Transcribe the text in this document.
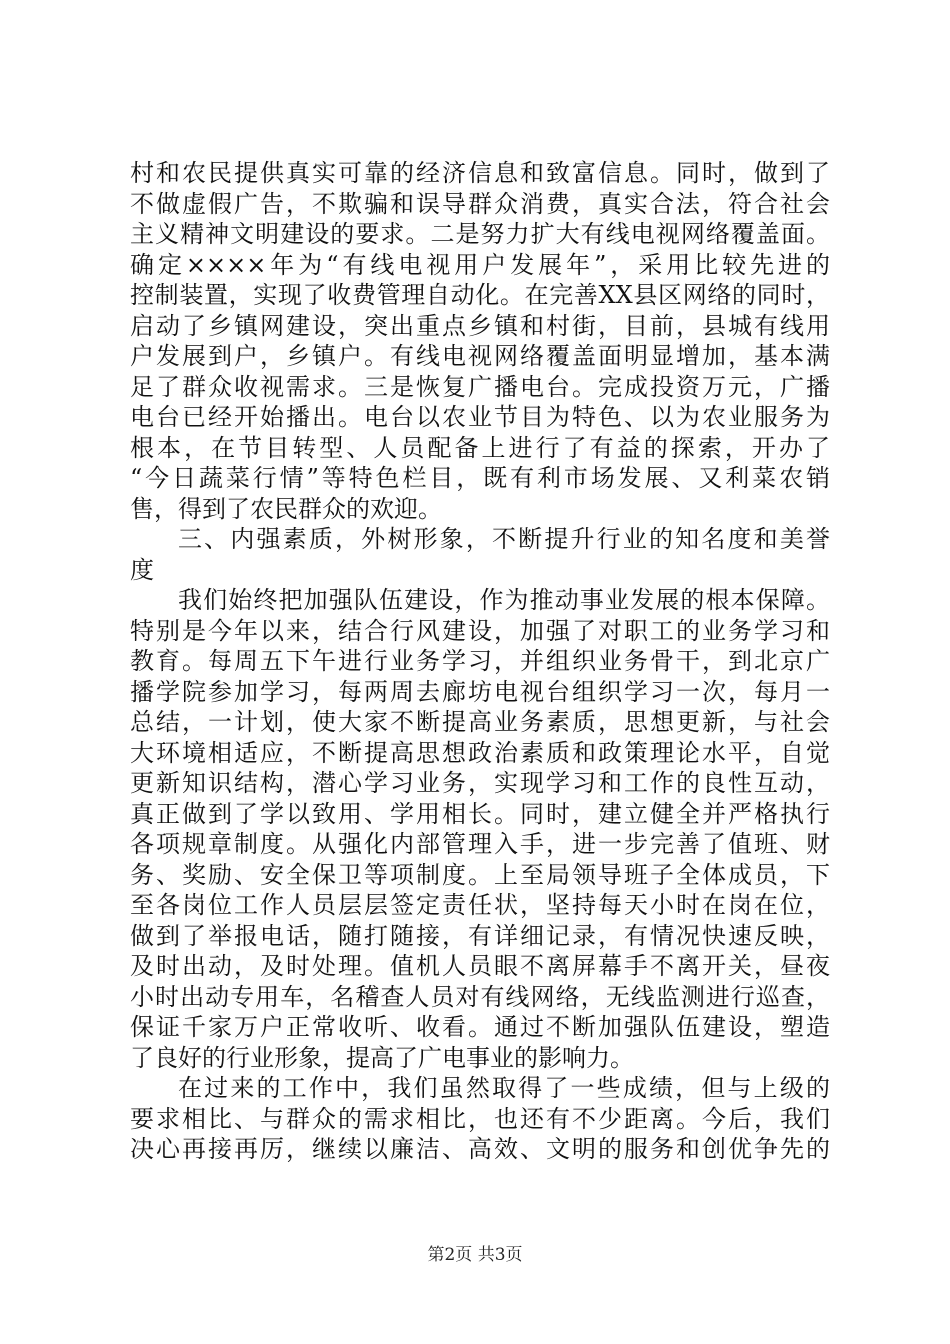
村和农民提供真实可靠的经济信息和致富信息。同时，做到了
不做虚假广告，不欺骗和误导群众消费，真实合法，符合社会
主义精神文明建设的要求。二是努力扩大有线电视网络覆盖面。
确定××××年为“有线电视用户发展年”，采用比较先进的
控制装置，实现了收费管理自动化。在完善XX县区网络的同时，
启动了乡镇网建设，突出重点乡镇和村街，目前，县城有线用
户发展到户，乡镇户。有线电视网络覆盖面明显增加，基本满
足了群众收视需求。三是恢复广播电台。完成投资万元，广播
电台已经开始播出。电台以农业节目为特色、以为农业服务为
根本，在节目转型、人员配备上进行了有益的探索，开办了
“今日蔬菜行情”等特色栏目，既有利市场发展、又利菜农销
售，得到了农民群众的欢迎。
三、内强素质，外树形象，不断提升行业的知名度和美誉
度
我们始终把加强队伍建设，作为推动事业发展的根本保障。
特别是今年以来，结合行风建设，加强了对职工的业务学习和
教育。每周五下午进行业务学习，并组织业务骨干，到北京广
播学院参加学习，每两周去廊坊电视台组织学习一次，每月一
总结，一计划，使大家不断提高业务素质，思想更新，与社会
大环境相适应，不断提高思想政治素质和政策理论水平，自觉
更新知识结构，潜心学习业务，实现学习和工作的良性互动，
真正做到了学以致用、学用相长。同时，建立健全并严格执行
各项规章制度。从强化内部管理入手，进一步完善了值班、财
务、奖励、安全保卫等项制度。上至局领导班子全体成员，下
至各岗位工作人员层层签定责任状，坚持每天小时在岗在位，
做到了举报电话，随打随接，有详细记录，有情况快速反映，
及时出动，及时处理。值机人员眼不离屏幕手不离开关，昼夜
小时出动专用车，名稽查人员对有线网络，无线监测进行巡查，
保证千家万户正常收听、收看。通过不断加强队伍建设，塑造
了良好的行业形象，提高了广电事业的影响力。
在过来的工作中，我们虽然取得了一些成绩，但与上级的
要求相比、与群众的需求相比，也还有不少距离。今后，我们
决心再接再厉，继续以廉洁、高效、文明的服务和创优争先的
第2页 共3页
